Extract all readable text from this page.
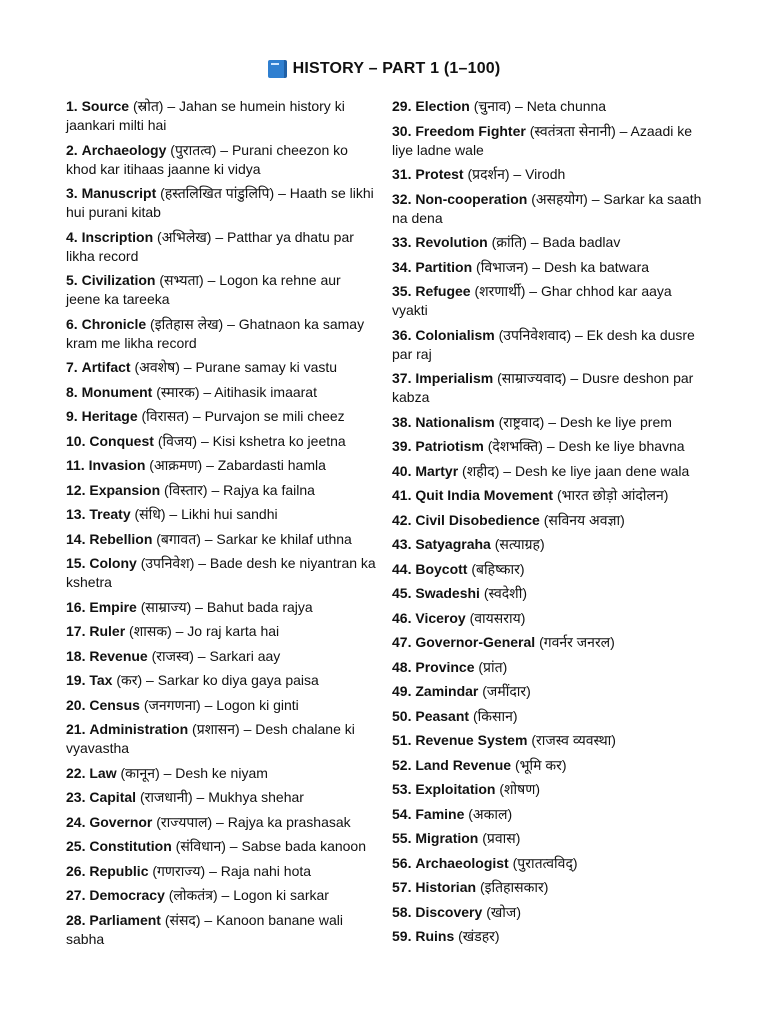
HISTORY – PART 1 (1–100)
1. Source (स्रोत) – Jahan se humein history ki jaankari milti hai
2. Archaeology (पुरातत्व) – Purani cheezon ko khod kar itihaas jaanne ki vidya
3. Manuscript (हस्तलिखित पांडुलिपि) – Haath se likhi hui purani kitab
4. Inscription (अभिलेख) – Patthar ya dhatu par likha record
5. Civilization (सभ्यता) – Logon ka rehne aur jeene ka tareeka
6. Chronicle (इतिहास लेख) – Ghatnaon ka samay kram me likha record
7. Artifact (अवशेष) – Purane samay ki vastu
8. Monument (स्मारक) – Aitihasik imaarat
9. Heritage (विरासत) – Purvajon se mili cheez
10. Conquest (विजय) – Kisi kshetra ko jeetna
11. Invasion (आक्रमण) – Zabardasti hamla
12. Expansion (विस्तार) – Rajya ka failna
13. Treaty (संधि) – Likhi hui sandhi
14. Rebellion (बगावत) – Sarkar ke khilaf uthna
15. Colony (उपनिवेश) – Bade desh ke niyantran ka kshetra
16. Empire (साम्राज्य) – Bahut bada rajya
17. Ruler (शासक) – Jo raj karta hai
18. Revenue (राजस्व) – Sarkari aay
19. Tax (कर) – Sarkar ko diya gaya paisa
20. Census (जनगणना) – Logon ki ginti
21. Administration (प्रशासन) – Desh chalane ki vyavastha
22. Law (कानून) – Desh ke niyam
23. Capital (राजधानी) – Mukhya shehar
24. Governor (राज्यपाल) – Rajya ka prashasak
25. Constitution (संविधान) – Sabse bada kanoon
26. Republic (गणराज्य) – Raja nahi hota
27. Democracy (लोकतंत्र) – Logon ki sarkar
28. Parliament (संसद) – Kanoon banane wali sabha
29. Election (चुनाव) – Neta chunna
30. Freedom Fighter (स्वतंत्रता सेनानी) – Azaadi ke liye ladne wale
31. Protest (प्रदर्शन) – Virodh
32. Non-cooperation (असहयोग) – Sarkar ka saath na dena
33. Revolution (क्रांति) – Bada badlav
34. Partition (विभाजन) – Desh ka batwara
35. Refugee (शरणार्थी) – Ghar chhod kar aaya vyakti
36. Colonialism (उपनिवेशवाद) – Ek desh ka dusre par raj
37. Imperialism (साम्राज्यवाद) – Dusre deshon par kabza
38. Nationalism (राष्ट्रवाद) – Desh ke liye prem
39. Patriotism (देशभक्ति) – Desh ke liye bhavna
40. Martyr (शहीद) – Desh ke liye jaan dene wala
41. Quit India Movement (भारत छोड़ो आंदोलन)
42. Civil Disobedience (सविनय अवज्ञा)
43. Satyagraha (सत्याग्रह)
44. Boycott (बहिष्कार)
45. Swadeshi (स्वदेशी)
46. Viceroy (वायसराय)
47. Governor-General (गवर्नर जनरल)
48. Province (प्रांत)
49. Zamindar (जमींदार)
50. Peasant (किसान)
51. Revenue System (राजस्व व्यवस्था)
52. Land Revenue (भूमि कर)
53. Exploitation (शोषण)
54. Famine (अकाल)
55. Migration (प्रवास)
56. Archaeologist (पुरातत्वविद्)
57. Historian (इतिहासकार)
58. Discovery (खोज)
59. Ruins (खंडहर)
